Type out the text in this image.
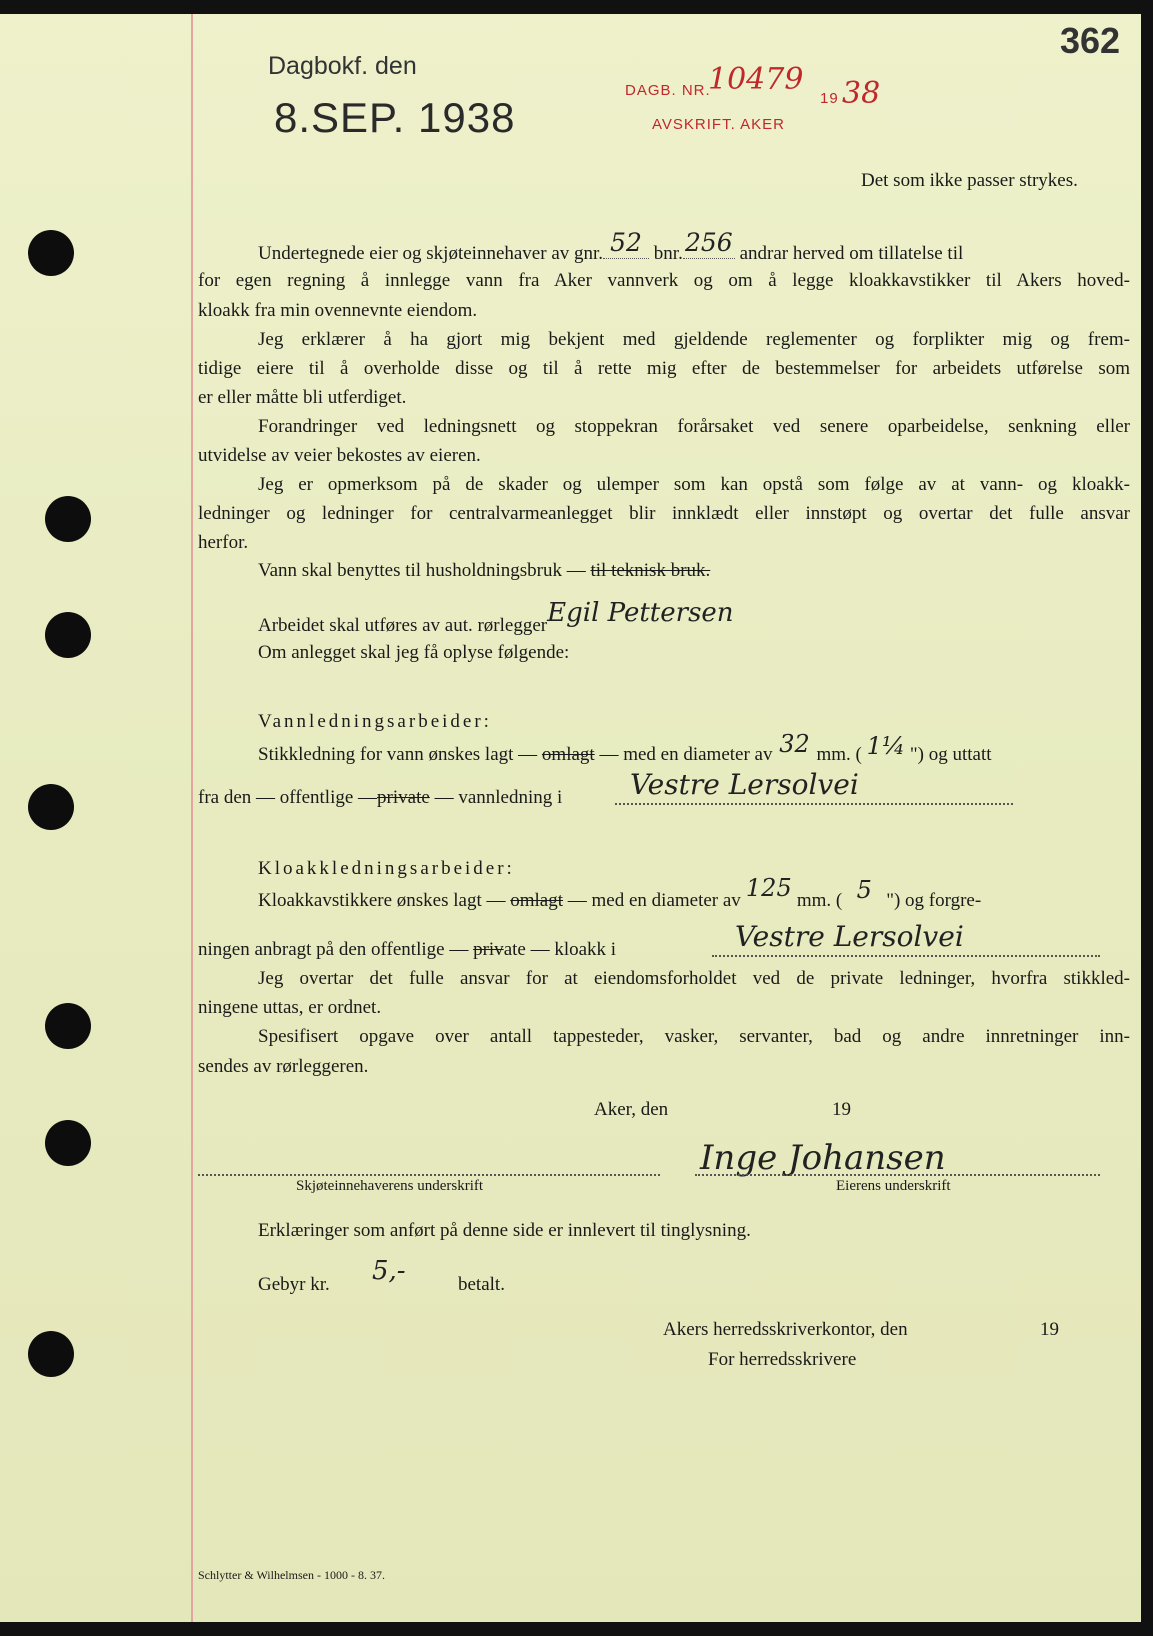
Dagbokf. den
8.SEP. 1938
DAGB. NR.
10479
19 38
AVSKRIFT. AKER
362
Det som ikke passer strykes.
Undertegnede eier og skjøteinnehaver av gnr. 52 bnr.256 andrar herved om tillatelse til
for egen regning å innlegge vann fra Aker vannverk og om å legge kloakkavstikker til Akers hoved-
kloakk fra min ovennevnte eiendom.
Jeg erklærer å ha gjort mig bekjent med gjeldende reglementer og forplikter mig og frem-
tidige eiere til å overholde disse og til å rette mig efter de bestemmelser for arbeidets utførelse som
er eller måtte bli utferdiget.
Forandringer ved ledningsnett og stoppekran forårsaket ved senere oparbeidelse, senkning eller
utvidelse av veier bekostes av eieren.
Jeg er opmerksom på de skader og ulemper som kan opstå som følge av at vann- og kloakk-
ledninger og ledninger for centralvarmeanlegget blir innklædt eller innstøpt og overtar det fulle ansvar
herfor.
Vann skal benyttes til husholdningsbruk — til teknisk bruk.
Arbeidet skal utføres av aut. rørleggerEgil Pettersen
Om anlegget skal jeg få oplyse følgende:
Vannledningsarbeider:
Stikkledning for vann ønskes lagt — omlagt — med en diameter av 32 mm. ( 1¼ ") og uttatt
fra den — offentlige —private — vannledning i Vestre Lersolvei
Kloakkledningsarbeider:
Kloakkavstikkere ønskes lagt — omlagt — med en diameter av 125 mm. ( 5 ") og forgre-
ningen anbragt på den offentlige — private — kloakk i	Vestre Lersolvei
Jeg overtar det fulle ansvar for at eiendomsforholdet ved de private ledninger, hvorfra stikkled-
ningene uttas, er ordnet.
Spesifisert opgave over antall tappesteder, vasker, servanter, bad og andre innretninger inn-
sendes av rørleggeren.
Aker, den	19
Inge Johansen
Skjøteinnehaverens underskrift	Eierens underskrift
Erklæringer som anført på denne side er innlevert til tinglysning.
Gebyr kr. 5,-	betalt.
Akers herredsskriverkontor, den	19
For herredsskrivere
Schlytter & Wilhelmsen - 1000 - 8. 37.
